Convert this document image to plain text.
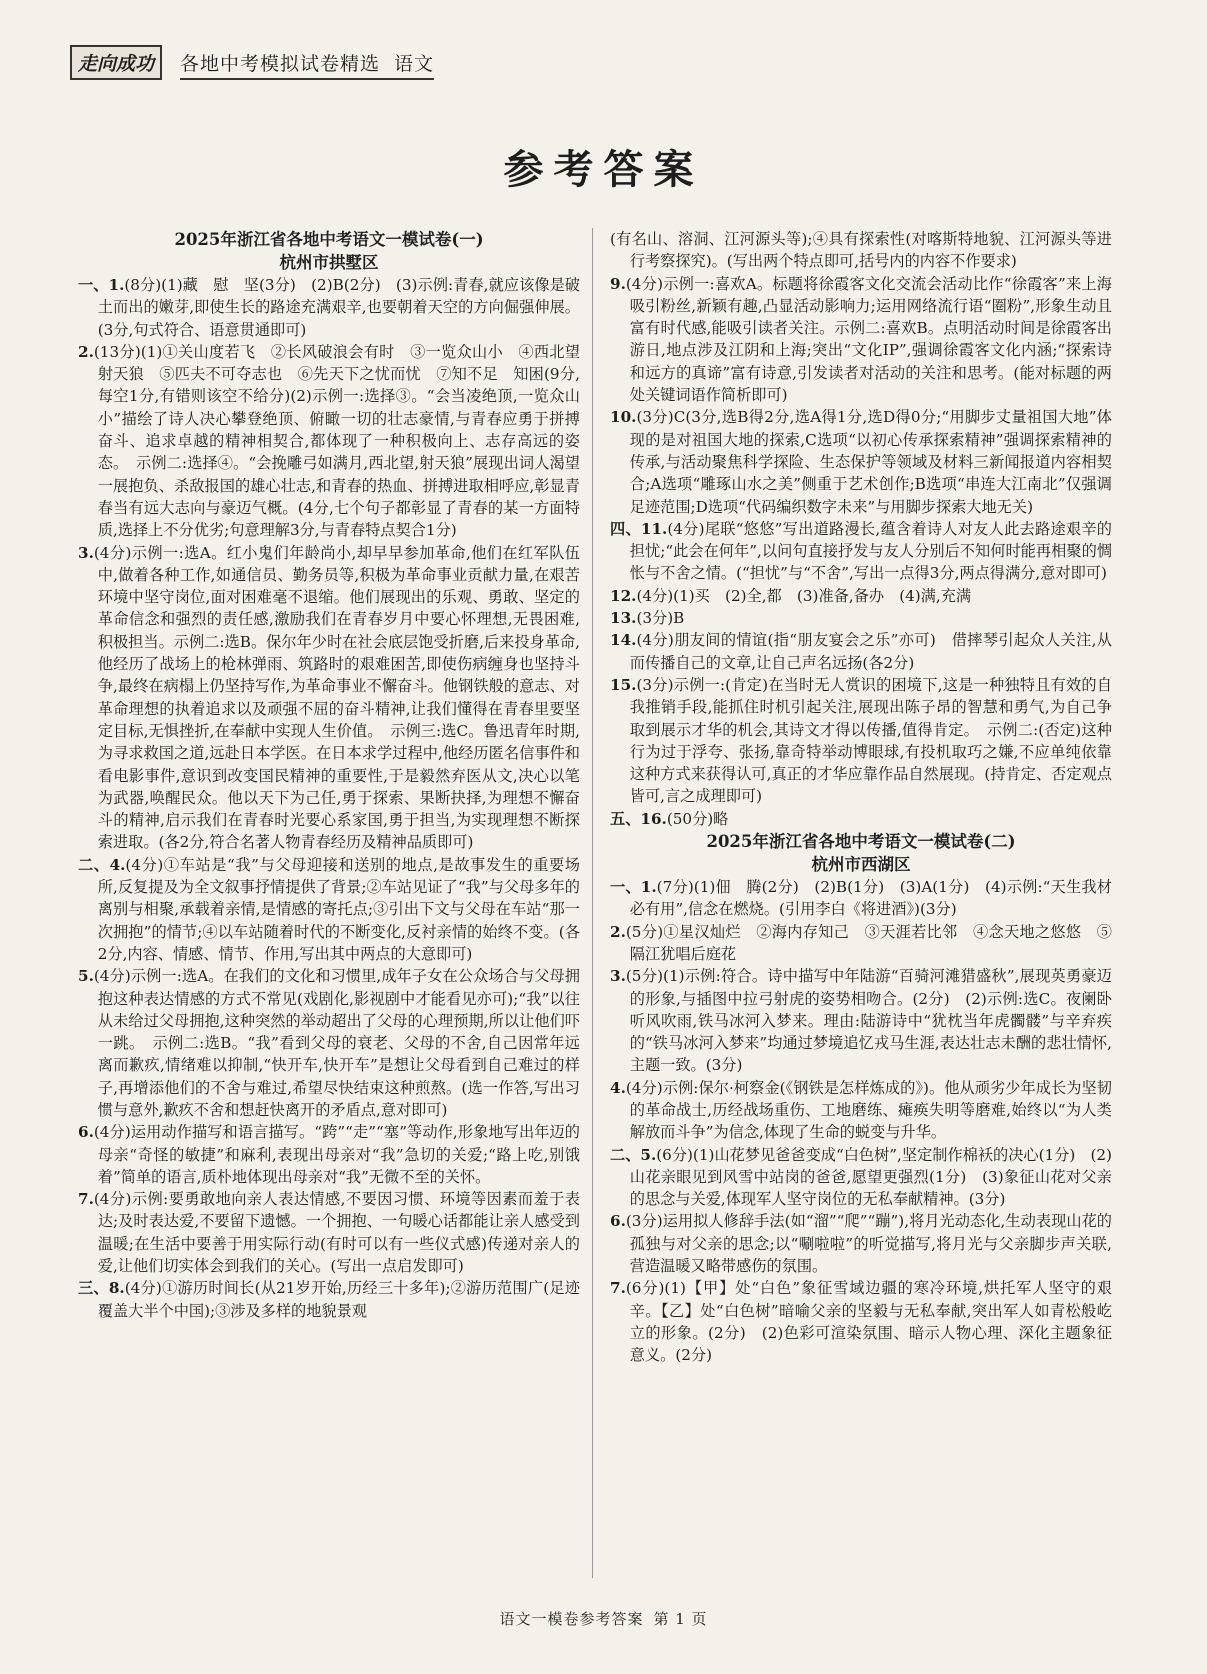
走向成功	各地中考模拟试卷精选 语文
参考答案
2025年浙江省各地中考语文一模试卷(一)
杭州市拱墅区

一、1.(8分)(1)藏　慰　坚(3分)　(2)B(2分)　(3)示例:青春,就应该像是破土而出的嫩芽,即使生长的路途充满艰辛,也要朝着天空的方向倔强伸展。(3分,句式符合、语意贯通即可)

2.(13分)(1)①关山度若飞　②长风破浪会有时　③一览众山小　④西北望　射天狼　⑤匹夫不可夺志也　⑥先天下之忧而忧　⑦知不足　知困(9分,每空1分,有错则该空不给分)(2)示例一:选择③。“会当凌绝顶,一览众山小”描绘了诗人决心攀登绝顶、俯瞰一切的壮志豪情,与青春应勇于拼搏奋斗、追求卓越的精神相契合,都体现了一种积极向上、志存高远的姿态。　示例二:选择④。“会挽雕弓如满月,西北望,射天狼”展现出词人渴望一展抱负、杀敌报国的雄心壮志,和青春的热血、拼搏进取相呼应,彰显青春当有远大志向与豪迈气概。(4分,七个句子都彰显了青春的某一方面特质,选择上不分优劣;句意理解3分,与青春特点契合1分)

3.(4分)示例一:选A。红小鬼们年龄尚小,却早早参加革命,他们在红军队伍中,做着各种工作,如通信员、勤务员等,积极为革命事业贡献力量,在艰苦环境中坚守岗位,面对困难毫不退缩。他们展现出的乐观、勇敢、坚定的革命信念和强烈的责任感,激励我们在青春岁月中要心怀理想,无畏困难,积极担当。示例二:选B。保尔年少时在社会底层饱受折磨,后来投身革命,他经历了战场上的枪林弹雨、筑路时的艰难困苦,即使伤病缠身也坚持斗争,最终在病榻上仍坚持写作,为革命事业不懈奋斗。他钢铁般的意志、对革命理想的执着追求以及顽强不屈的奋斗精神,让我们懂得在青春里要坚定目标,无惧挫折,在奉献中实现人生价值。　示例三:选C。鲁迅青年时期,为寻求救国之道,远赴日本学医。在日本求学过程中,他经历匿名信事件和看电影事件,意识到改变国民精神的重要性,于是毅然弃医从文,决心以笔为武器,唤醒民众。他以天下为己任,勇于探索、果断抉择,为理想不懈奋斗的精神,启示我们在青春时光要心系家国,勇于担当,为实现理想不断探索进取。(各2分,符合名著人物青春经历及精神品质即可)

二、4.(4分)①车站是“我”与父母迎接和送别的地点,是故事发生的重要场所,反复提及为全文叙事抒情提供了背景;②车站见证了“我”与父母多年的离别与相聚,承载着亲情,是情感的寄托点;③引出下文与父母在车站“那一次拥抱”的情节;④以车站随着时代的不断变化,反衬亲情的始终不变。(各2分,内容、情感、情节、作用,写出其中两点的大意即可)

5.(4分)示例一:选A。在我们的文化和习惯里,成年子女在公众场合与父母拥抱这种表达情感的方式不常见(戏剧化,影视剧中才能看见亦可);“我”以往从未给过父母拥抱,这种突然的举动超出了父母的心理预期,所以让他们吓一跳。　示例二:选B。“我”看到父母的衰老、父母的不舍,自己因常年远离而歉疚,情绪难以抑制,“快开车,快开车”是想让父母看到自己难过的样子,再增添他们的不舍与难过,希望尽快结束这种煎熬。(选一作答,写出习惯与意外,歉疚不舍和想赶快离开的矛盾点,意对即可)

6.(4分)运用动作描写和语言描写。“跨”“走”“塞”等动作,形象地写出年迈的母亲“奇怪的敏捷”和麻利,表现出母亲对“我”急切的关爱;“路上吃,别饿着”简单的语言,质朴地体现出母亲对“我”无微不至的关怀。

7.(4分)示例:要勇敢地向亲人表达情感,不要因习惯、环境等因素而羞于表达;及时表达爱,不要留下遗憾。一个拥抱、一句暖心话都能让亲人感受到温暖;在生活中要善于用实际行动(有时可以有一些仪式感)传递对亲人的爱,让他们切实体会到我们的关心。(写出一点启发即可)

三、8.(4分)①游历时间长(从21岁开始,历经三十多年);②游历范围广(足迹覆盖大半个中国);③涉及多样的地貌景观

(有名山、溶洞、江河源头等);④具有探索性(对喀斯特地貌、江河源头等进行考察探究)。(写出两个特点即可,括号内的内容不作要求)

9.(4分)示例一:喜欢A。标题将徐霞客文化交流会活动比作“徐霞客”来上海吸引粉丝,新颖有趣,凸显活动影响力;运用网络流行语“圈粉”,形象生动且富有时代感,能吸引读者关注。示例二:喜欢B。点明活动时间是徐霞客出游日,地点涉及江阴和上海;突出“文化IP”,强调徐霞客文化内涵;“探索诗和远方的真谛”富有诗意,引发读者对活动的关注和思考。(能对标题的两处关键词语作简析即可)

10.(3分)C(3分,选B得2分,选A得1分,选D得0分;“用脚步丈量祖国大地”体现的是对祖国大地的探索,C选项“以初心传承探索精神”强调探索精神的传承,与活动聚焦科学探险、生态保护等领域及材料三新闻报道内容相契合;A选项“雕琢山水之美”侧重于艺术创作;B选项“串连大江南北”仅强调足迹范围;D选项“代码编织数字未来”与用脚步探索大地无关)

四、11.(4分)尾联“悠悠”写出道路漫长,蕴含着诗人对友人此去路途艰辛的担忧;“此会在何年”,以问句直接抒发与友人分别后不知何时能再相聚的惆怅与不舍之情。(“担忧”与“不舍”,写出一点得3分,两点得满分,意对即可)

12.(4分)(1)买　(2)全,都　(3)准备,备办　(4)满,充满

13.(3分)B

14.(4分)朋友间的情谊(指“朋友宴会之乐”亦可)　借摔琴引起众人关注,从而传播自己的文章,让自己声名远扬(各2分)

15.(3分)示例一:(肯定)在当时无人赏识的困境下,这是一种独特且有效的自我推销手段,能抓住时机引起关注,展现出陈子昂的智慧和勇气,为自己争取到展示才华的机会,其诗文才得以传播,值得肯定。　示例二:(否定)这种行为过于浮夸、张扬,靠奇特举动博眼球,有投机取巧之嫌,不应单纯依靠这种方式来获得认可,真正的才华应靠作品自然展现。(持肯定、否定观点皆可,言之成理即可)

五、16.(50分)略

2025年浙江省各地中考语文一模试卷(二)
杭州市西湖区

一、1.(7分)(1)佃　腾(2分)　(2)B(1分)　(3)A(1分)　(4)示例:“天生我材必有用”,信念在燃烧。(引用李白《将进酒》)(3分)

2.(5分)①星汉灿烂　②海内存知己　③天涯若比邻　④念天地之悠悠　⑤隔江犹唱后庭花

3.(5分)(1)示例:符合。诗中描写中年陆游“百骑河滩猎盛秋”,展现英勇豪迈的形象,与插图中拉弓射虎的姿势相吻合。(2分)　(2)示例:选C。夜阑卧听风吹雨,铁马冰河入梦来。理由:陆游诗中“犹枕当年虎髑髅”与辛弃疾的“铁马冰河入梦来”均通过梦境追忆戎马生涯,表达壮志未酬的悲壮情怀,主题一致。(3分)

4.(4分)示例:保尔·柯察金(《钢铁是怎样炼成的》)。他从顽劣少年成长为坚韧的革命战士,历经战场重伤、工地磨练、瘫痪失明等磨难,始终以“为人类解放而斗争”为信念,体现了生命的蜕变与升华。

二、5.(6分)(1)山花梦见爸爸变成“白色树”,坚定制作棉袄的决心(1分)　(2)山花亲眼见到风雪中站岗的爸爸,愿望更强烈(1分)　(3)象征山花对父亲的思念与关爱,体现军人坚守岗位的无私奉献精神。(3分)

6.(3分)运用拟人修辞手法(如“溜”“爬”“蹦”),将月光动态化,生动表现山花的孤独与对父亲的思念;以“唰啦啦”的听觉描写,将月光与父亲脚步声关联,营造温暖又略带感伤的氛围。

7.(6分)(1)【甲】处“白色”象征雪域边疆的寒冷环境,烘托军人坚守的艰辛。【乙】处“白色树”暗喻父亲的坚毅与无私奉献,突出军人如青松般屹立的形象。(2分)　(2)色彩可渲染氛围、暗示人物心理、深化主题象征意义。(2分)

语文一模卷参考答案 第 1 页
